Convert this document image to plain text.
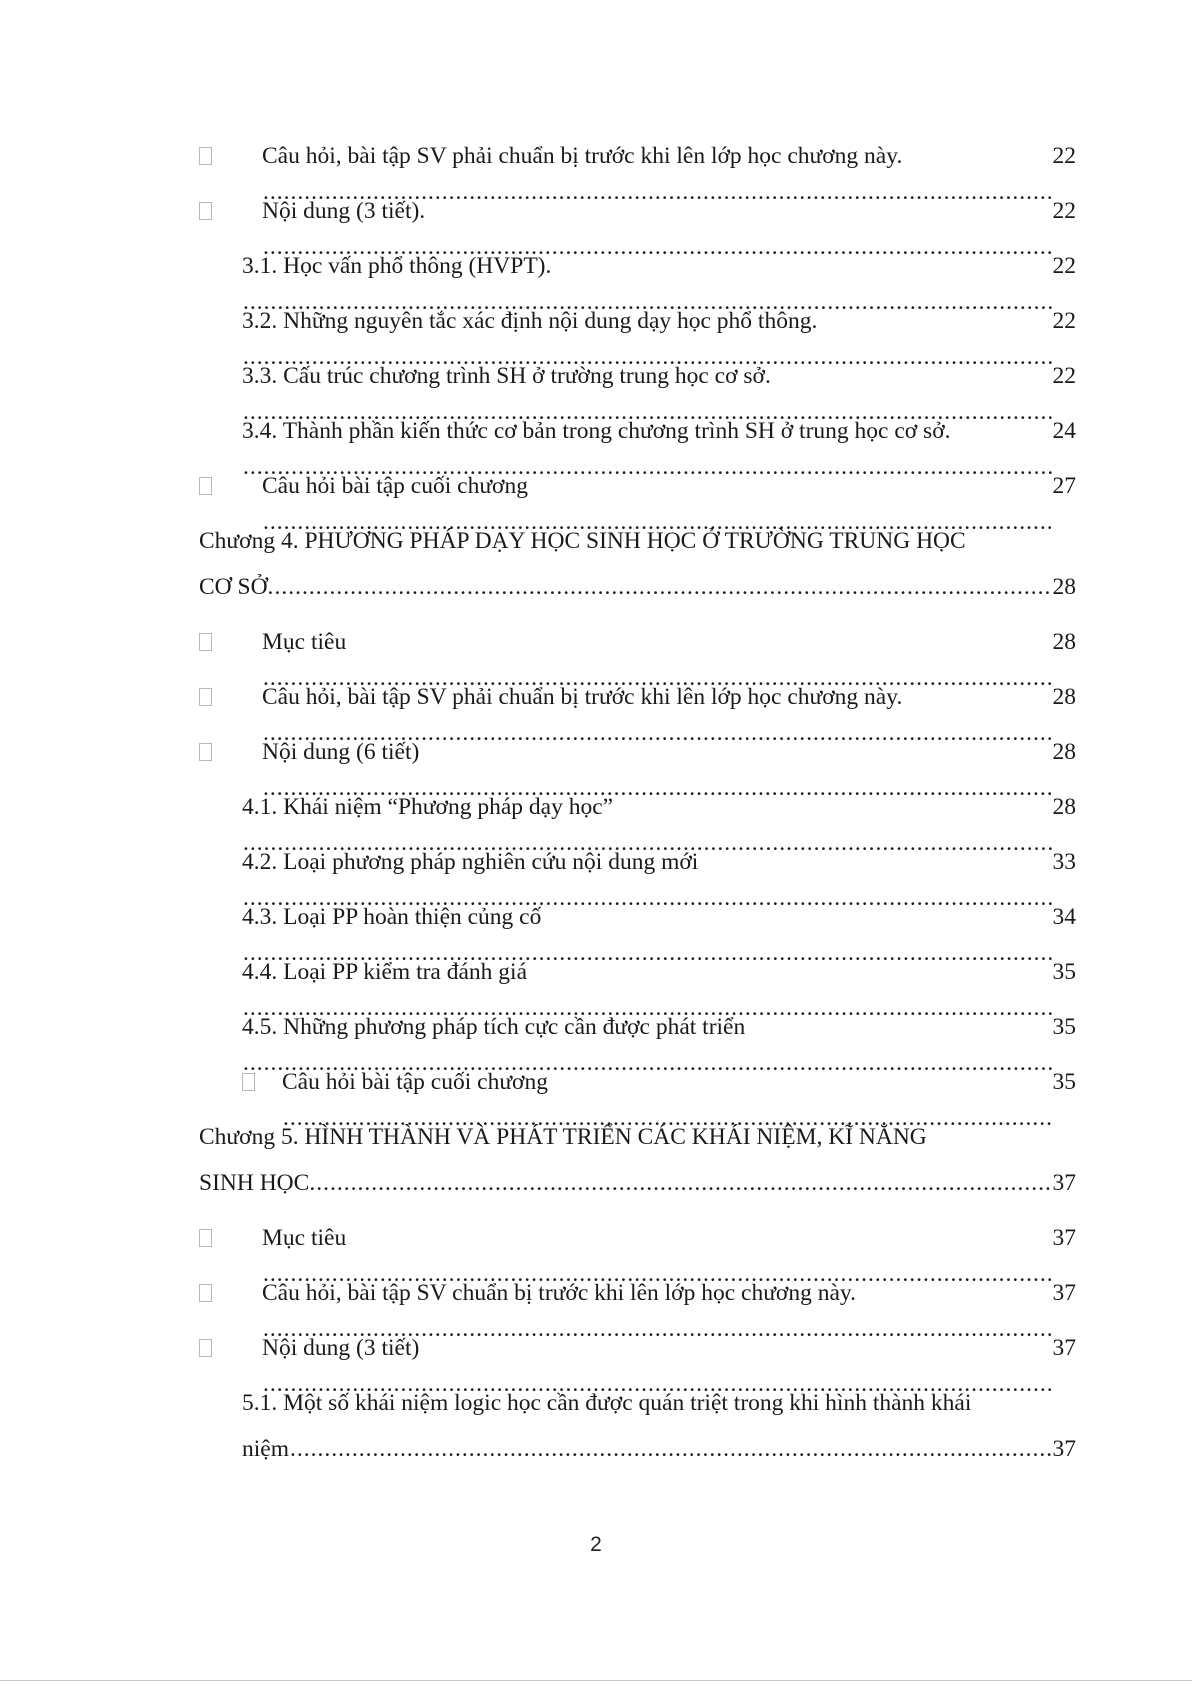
Câu hỏi, bài tập SV phải chuẩn bị trước khi lên lớp học chương này.
.....	22
Nội dung (3 tiết).
.....	22
3.1. Học vấn phổ thông (HVPT).
.....	22
3.2. Những nguyên tắc xác định nội dung dạy học phổ thông.
.....	22
3.3. Cấu trúc chương trình SH ở trường trung học cơ sở.
.....	22
3.4. Thành phần kiến thức cơ bản trong chương trình SH ở trung học cơ sở.
.....	24
Câu hỏi bài tập cuối chương
.....	27
Chương 4. PHƯƠNG PHÁP DẠY HỌC SINH HỌC Ở TRƯỜNG TRUNG HỌC
CƠ SỞ. .....	28
Mục tiêu
.....	28
Câu hỏi, bài tập SV phải chuẩn bị trước khi lên lớp học chương này.
.....	28
Nội dung (6 tiết)
.....	28
4.1. Khái niệm “Phương pháp dạy học”
.....	28
4.2. Loại phương pháp nghiên cứu nội dung mới
.....	33
4.3. Loại PP hoàn thiện củng cố
.....	34
4.4. Loại PP kiểm tra đánh giá
.....	35
4.5. Những phương pháp tích cực cần được phát triển
.....	35
Câu hỏi bài tập cuối chương
.....	35
Chương 5. HÌNH THÀNH VÀ PHÁT TRIỂN CÁC KHÁI NIỆM, KĨ NĂNG
SINH HỌC. .....	37
Mục tiêu
.....	37
Câu hỏi, bài tập SV chuẩn bị trước khi lên lớp học chương này.
.....	37
Nội dung (3 tiết)
.....	37
5.1. Một số khái niệm logic học cần được quán triệt trong khi hình thành khái
niệm .....	37
2
